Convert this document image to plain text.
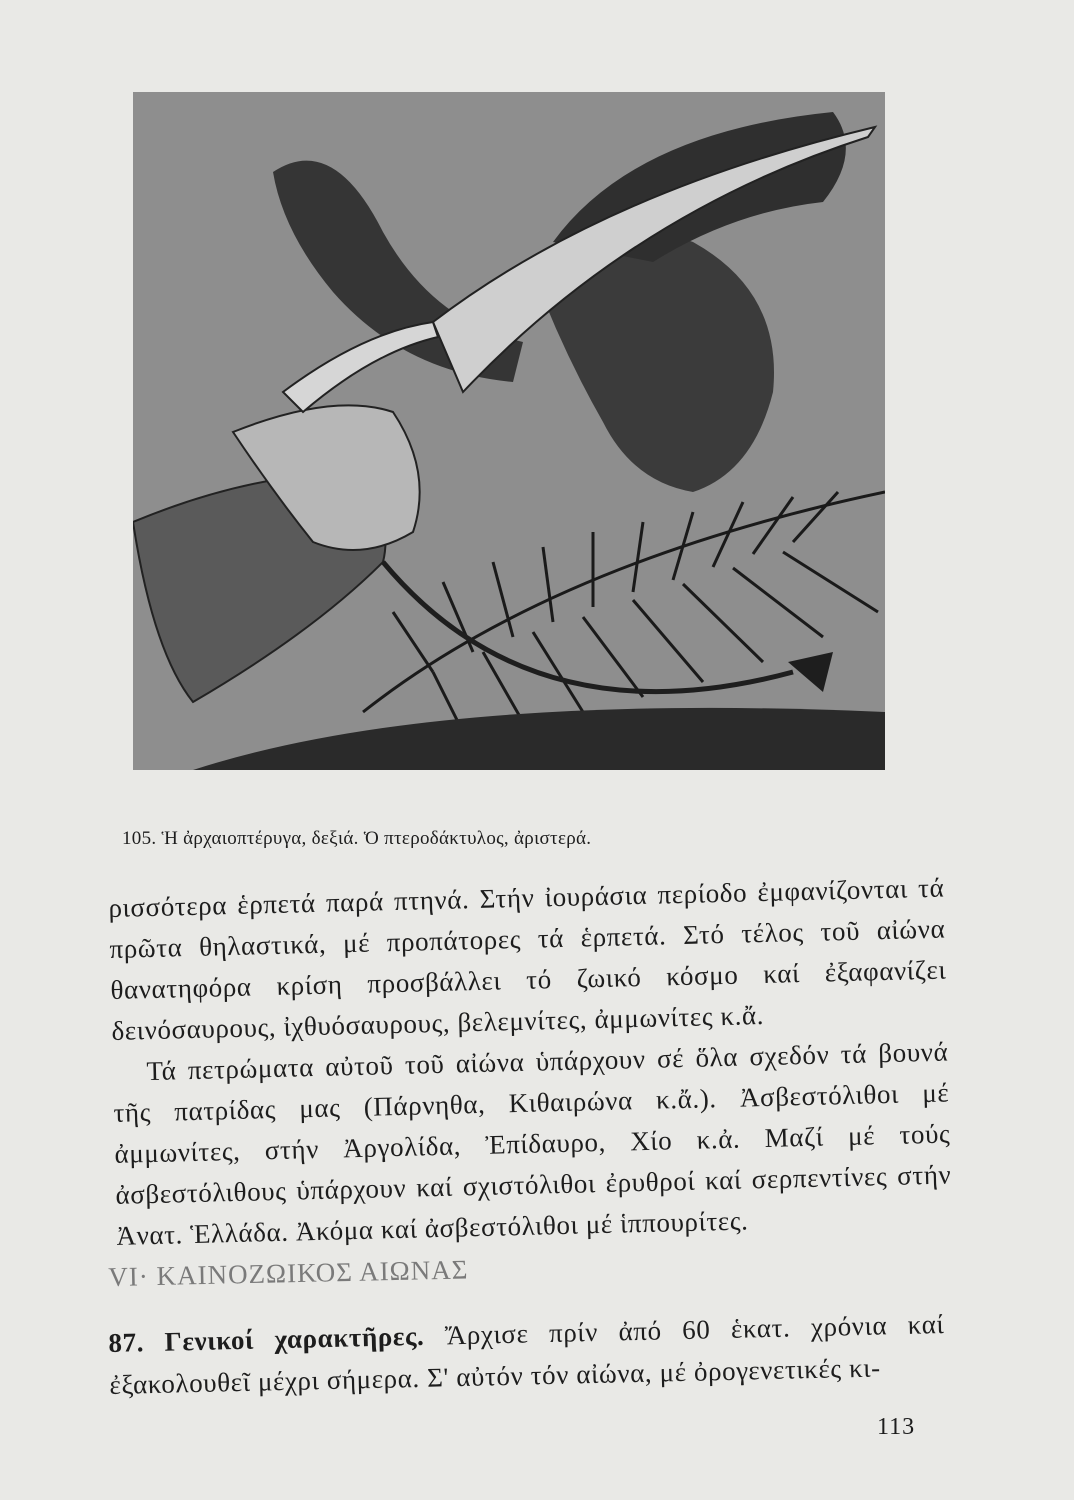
105. Ἡ ἀρχαιοπτέρυγα, δεξιά. Ὁ πτεροδάκτυλος, ἀριστερά.

ρισσότερα ἑρπετά παρά πτηνά. Στήν ἰουράσια περίοδο ἐμφανίζονται τά πρῶτα θηλαστικά, μέ προπάτορες τά ἑρπετά. Στό τέλος τοῦ αἰώνα θανατηφόρα κρίση προσβάλλει τό ζωικό κόσμο καί ἐξαφανίζει δεινόσαυρους, ἰχθυόσαυρους, βελεμνίτες, ἀμμωνίτες κ.ἄ.

Τά πετρώματα αὐτοῦ τοῦ αἰώνα ὑπάρχουν σέ ὅλα σχεδόν τά βουνά τῆς πατρίδας μας (Πάρνηθα, Κιθαιρώνα κ.ἄ.). Ἀσβεστόλιθοι μέ ἀμμωνίτες, στήν Ἀργολίδα, Ἐπίδαυρο, Χίο κ.ἀ. Μαζί μέ τούς ἀσβεστόλιθους ὑπάρχουν καί σχιστόλιθοι ἐρυθροί καί σερπεντίνες στήν Ἀνατ. Ἑλλάδα. Ἀκόμα καί ἀσβεστόλιθοι μέ ἱππουρίτες.

VI· ΚΑΙΝΟΖΩΙΚΟΣ ΑΙΩΝΑΣ
87. Γενικοί χαρακτῆρες. Ἄρχισε πρίν ἀπό 60 ἑκατ. χρόνια καί ἐξακολουθεῖ μέχρι σήμερα. Σ' αὐτόν τόν αἰώνα, μέ ὀρογενετικές κι-
113
